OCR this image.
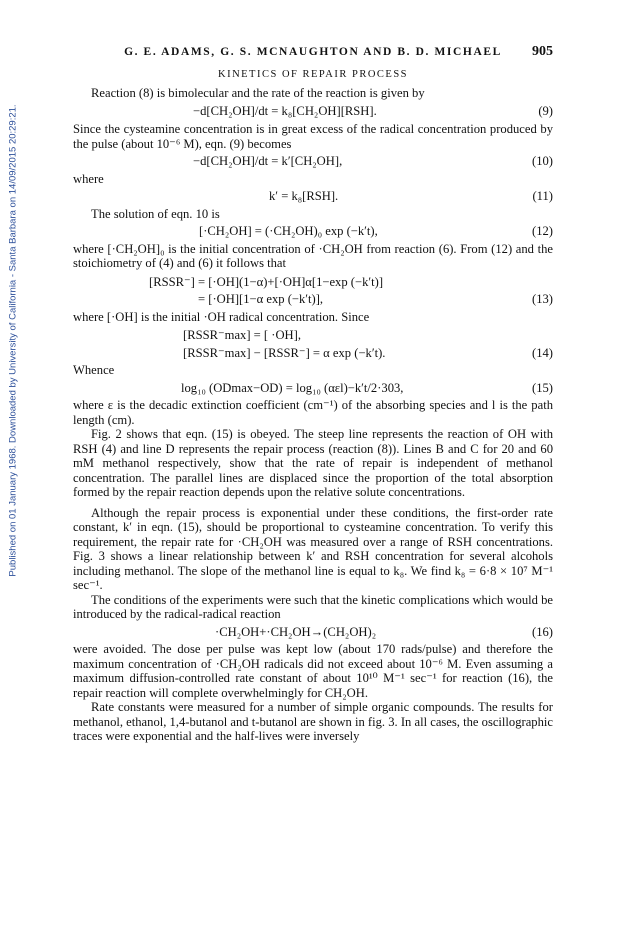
Published on 01 January 1968. Downloaded by University of California - Santa Barbara on 14/09/2015 20:29:21.
G. E. ADAMS, G. S. MCNAUGHTON AND B. D. MICHAEL	905
KINETICS OF REPAIR PROCESS

Reaction (8) is bimolecular and the rate of the reaction is given by

−d[CH₂OH]/dt = k₈[CH₂OH][RSH].	(9)

Since the cysteamine concentration is in great excess of the radical concentration produced by the pulse (about 10⁻⁶ M), eqn. (9) becomes

−d[CH₂OH]/dt = k′[CH₂OH],	(10)

where

k′ = k₈[RSH].	(11)

The solution of eqn. 10 is

[·CH₂OH] = (·CH₂OH)₀ exp (−k′t),	(12)

where [·CH₂OH]₀ is the initial concentration of ·CH₂OH from reaction (6). From (12) and the stoichiometry of (4) and (6) it follows that

[RSSR⁻] = [·OH](1−α)+[·OH]α[1−exp (−k′t)]
= [·OH][1−α exp (−k′t)],	(13)

where [·OH] is the initial ·OH radical concentration. Since

[RSSR⁻max] = [ ·OH],
[RSSR⁻max] − [RSSR⁻] = α exp (−k′t).	(14)

Whence

log₁₀ (ODmax−OD) = log₁₀ (αεl)−k′t/2·303,	(15)

where ε is the decadic extinction coefficient (cm⁻¹) of the absorbing species and l is the path length (cm).

Fig. 2 shows that eqn. (15) is obeyed. The steep line represents the reaction of OH with RSH (4) and line D represents the repair process (reaction (8)). Lines B and C for 20 and 60 mM methanol respectively, show that the rate of repair is independent of methanol concentration. The parallel lines are displaced since the proportion of the total absorption formed by the repair reaction depends upon the relative solute concentrations.

Although the repair process is exponential under these conditions, the first-order rate constant, k′ in eqn. (15), should be proportional to cysteamine concentration. To verify this requirement, the repair rate for ·CH₂OH was measured over a range of RSH concentrations. Fig. 3 shows a linear relationship between k′ and RSH concentration for several alcohols including methanol. The slope of the methanol line is equal to k₈. We find k₈ = 6·8 × 10⁷ M⁻¹ sec⁻¹.

The conditions of the experiments were such that the kinetic complications which would be introduced by the radical-radical reaction

·CH₂OH+·CH₂OH→(CH₂OH)₂	(16)

were avoided. The dose per pulse was kept low (about 170 rads/pulse) and therefore the maximum concentration of ·CH₂OH radicals did not exceed about 10⁻⁶ M. Even assuming a maximum diffusion-controlled rate constant of about 10¹⁰ M⁻¹ sec⁻¹ for reaction (16), the repair reaction will complete overwhelmingly for CH₂OH.

Rate constants were measured for a number of simple organic compounds. The results for methanol, ethanol, 1,4-butanol and t-butanol are shown in fig. 3. In all cases, the oscillographic traces were exponential and the half-lives were inversely
